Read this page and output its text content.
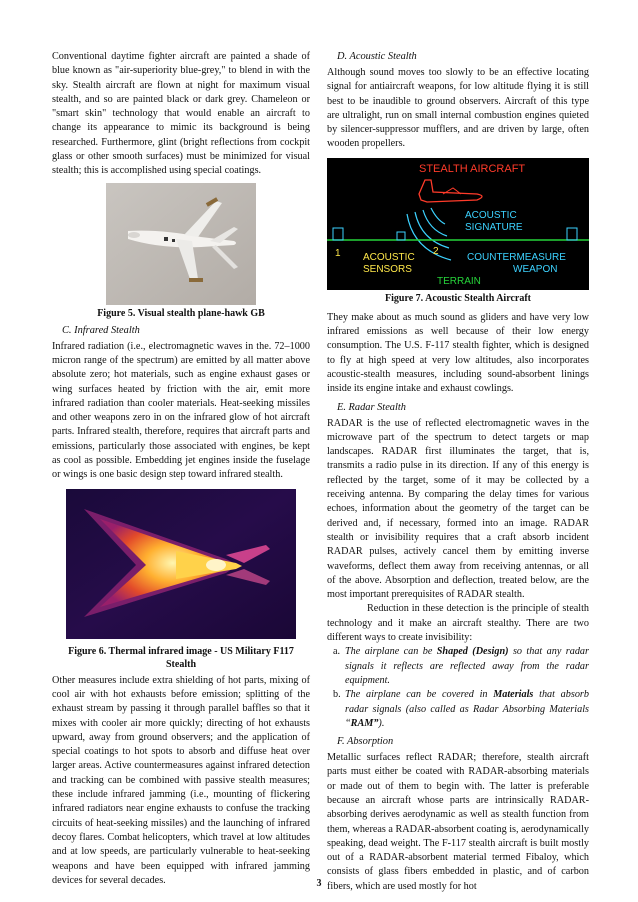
Conventional daytime fighter aircraft are painted a shade of blue known as "air-superiority blue-grey," to blend in with the sky. Stealth aircraft are flown at night for maximum visual stealth, and so are painted black or dark grey. Chameleon or "smart skin" technology that would enable an aircraft to change its appearance to mimic its background is being researched. Furthermore, glint (bright reflections from cockpit glass or other smooth surfaces) must be minimized for visual stealth; this is accomplished using special coatings.

Figure 5. Visual stealth plane-hawk GB
C. Infrared Stealth

Infrared radiation (i.e., electromagnetic waves in the. 72–1000 micron range of the spectrum) are emitted by all matter above absolute zero; hot materials, such as engine exhaust gases or wing surfaces heated by friction with the air, emit more infrared radiation than cooler materials. Heat-seeking missiles and other weapons zero in on the infrared glow of hot aircraft parts. Infrared stealth, therefore, requires that aircraft parts and emissions, particularly those associated with engines, be kept as cool as possible. Embedding jet engines inside the fuselage or wings is one basic design step toward infrared stealth.

Figure 6. Thermal infrared image - US Military F117 Stealth

Other measures include extra shielding of hot parts, mixing of cool air with hot exhausts before emission; splitting of the exhaust stream by passing it through parallel baffles so that it mixes with cooler air more quickly; directing of hot exhausts upward, away from ground observers; and the application of special coatings to hot spots to absorb and diffuse heat over larger areas. Active countermeasures against infrared detection and tracking can be combined with passive stealth measures; these include infrared jamming (i.e., mounting of flickering infrared radiators near engine exhausts to confuse the tracking circuits of heat-seeking missiles) and the launching of infrared decoy flares. Combat helicopters, which travel at low altitudes and at low speeds, are particularly vulnerable to heat-seeking weapons and have been equipped with infrared jamming devices for several decades.

D. Acoustic Stealth

Although sound moves too slowly to be an effective locating signal for antiaircraft weapons, for low altitude flying it is still best to be inaudible to ground observers. Aircraft of this type are ultralight, run on small internal combustion engines quieted by silencer-suppressor mufflers, and are driven by large, often wooden propellers.

STEALTH AIRCRAFT
ACOUSTIC
SIGNATURE
1	2
ACOUSTIC
SENSORS
COUNTERMEASURE
WEAPON
TERRAIN
Figure 7. Acoustic Stealth Aircraft

They make about as much sound as gliders and have very low infrared emissions as well because of their low energy consumption. The U.S. F-117 stealth fighter, which is designed to fly at high speed at very low altitudes, also incorporates acoustic-stealth measures, including sound-absorbent linings inside its engine intake and exhaust cowlings.

E. Radar Stealth

RADAR is the use of reflected electromagnetic waves in the microwave part of the spectrum to detect targets or map landscapes. RADAR first illuminates the target, that is, transmits a radio pulse in its direction. If any of this energy is reflected by the target, some of it may be collected by a receiving antenna. By comparing the delay times for various echoes, information about the geometry of the target can be derived and, if necessary, formed into an image. RADAR stealth or invisibility requires that a craft absorb incident RADAR pulses, actively cancel them by emitting inverse waveforms, deflect them away from receiving antennas, or all of the above. Absorption and deflection, treated below, are the most important prerequisites of RADAR stealth.

Reduction in these detection is the principle of stealth technology and it make an aircraft stealthy. There are two different ways to create invisibility:

a. The airplane can be Shaped (Design) so that any radar signals it reflects are reflected away from the radar equipment.
b. The airplane can be covered in Materials that absorb radar signals (also called as Radar Absorbing Materials “RAM”).
F. Absorption

Metallic surfaces reflect RADAR; therefore, stealth aircraft parts must either be coated with RADAR-absorbing materials or made out of them to begin with. The latter is preferable because an aircraft whose parts are intrinsically RADAR-absorbing derives aerodynamic as well as stealth function from them, whereas a RADAR-absorbent coating is, aerodynamically speaking, dead weight. The F-117 stealth aircraft is built mostly out of a RADAR-absorbent material termed Fibaloy, which consists of glass fibers embedded in plastic, and of carbon fibers, which are used mostly for hot

3
